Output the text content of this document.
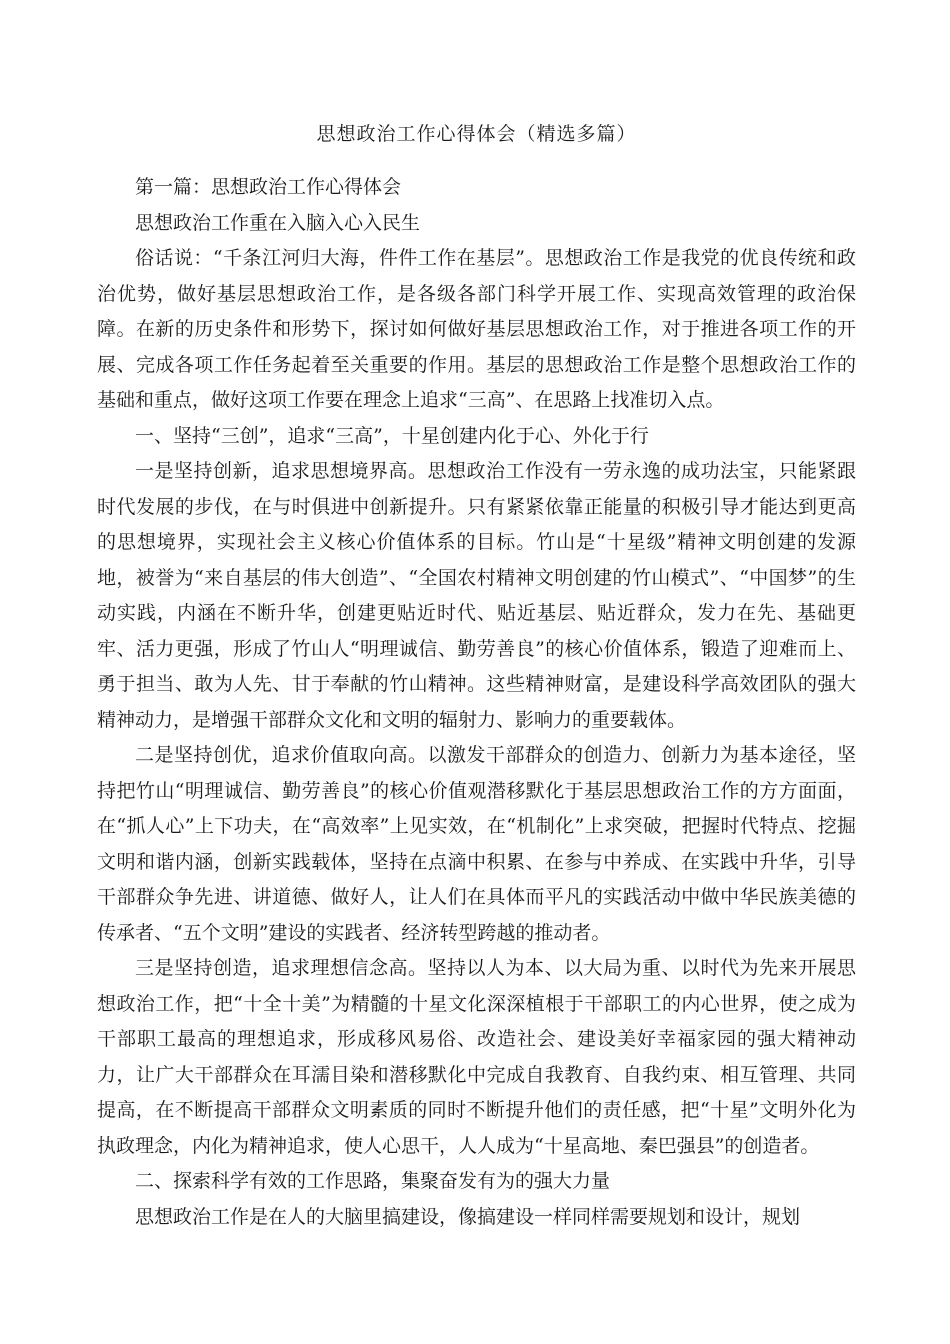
思想政治工作心得体会（精选多篇）

第一篇：思想政治工作心得体会

思想政治工作重在入脑入心入民生

俗话说：“千条江河归大海，件件工作在基层”。思想政治工作是我党的优良传统和政治优势，做好基层思想政治工作，是各级各部门科学开展工作、实现高效管理的政治保障。在新的历史条件和形势下，探讨如何做好基层思想政治工作，对于推进各项工作的开展、完成各项工作任务起着至关重要的作用。基层的思想政治工作是整个思想政治工作的基础和重点，做好这项工作要在理念上追求“三高”、在思路上找准切入点。

一、坚持“三创”，追求“三高”，十星创建内化于心、外化于行

一是坚持创新，追求思想境界高。思想政治工作没有一劳永逸的成功法宝，只能紧跟时代发展的步伐，在与时俱进中创新提升。只有紧紧依靠正能量的积极引导才能达到更高的思想境界，实现社会主义核心价值体系的目标。竹山是“十星级”精神文明创建的发源地，被誉为“来自基层的伟大创造”、“全国农村精神文明创建的竹山模式”、“中国梦”的生动实践，内涵在不断升华，创建更贴近时代、贴近基层、贴近群众，发力在先、基础更牢、活力更强，形成了竹山人“明理诚信、勤劳善良”的核心价值体系，锻造了迎难而上、勇于担当、敢为人先、甘于奉献的竹山精神。这些精神财富，是建设科学高效团队的强大精神动力，是增强干部群众文化和文明的辐射力、影响力的重要载体。

二是坚持创优，追求价值取向高。以激发干部群众的创造力、创新力为基本途径，坚持把竹山“明理诚信、勤劳善良”的核心价值观潜移默化于基层思想政治工作的方方面面，在“抓人心”上下功夫，在“高效率”上见实效，在“机制化”上求突破，把握时代特点、挖掘文明和谐内涵，创新实践载体，坚持在点滴中积累、在参与中养成、在实践中升华，引导干部群众争先进、讲道德、做好人，让人们在具体而平凡的实践活动中做中华民族美德的传承者、“五个文明”建设的实践者、经济转型跨越的推动者。

三是坚持创造，追求理想信念高。坚持以人为本、以大局为重、以时代为先来开展思想政治工作，把“十全十美”为精髓的十星文化深深植根于干部职工的内心世界，使之成为干部职工最高的理想追求，形成移风易俗、改造社会、建设美好幸福家园的强大精神动力，让广大干部群众在耳濡目染和潜移默化中完成自我教育、自我约束、相互管理、共同提高，在不断提高干部群众文明素质的同时不断提升他们的责任感，把“十星”文明外化为执政理念，内化为精神追求，使人心思干，人人成为“十星高地、秦巴强县”的创造者。

二、探索科学有效的工作思路，集聚奋发有为的强大力量

思想政治工作是在人的大脑里搞建设，像搞建设一样同样需要规划和设计，规划
